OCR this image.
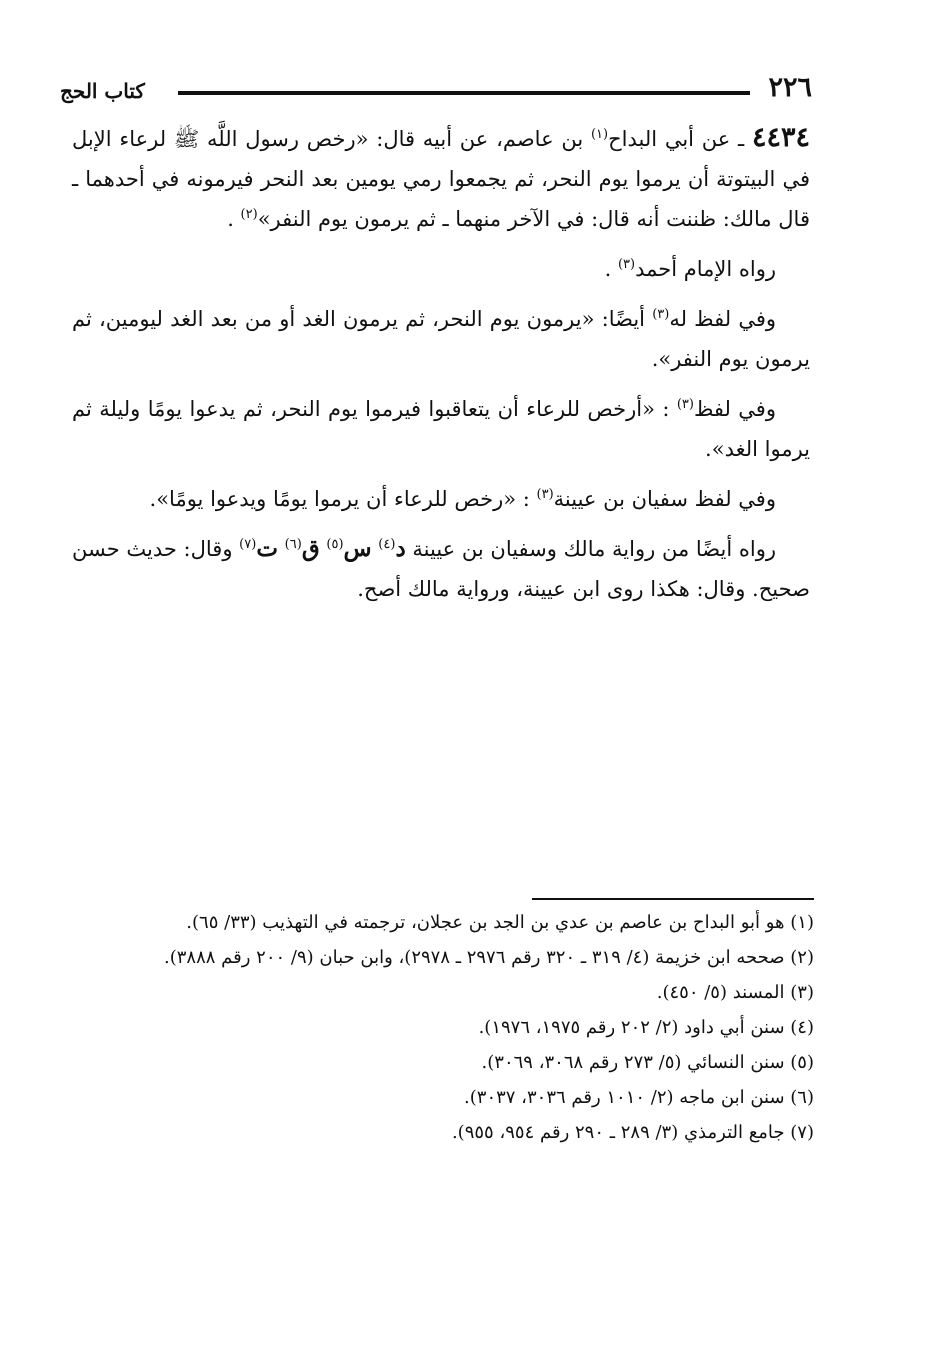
٢٢٦
كتاب الحج

٤٤٣٤ ـ عن أبي البداح$^{(١)}$ بن عاصم، عن أبيه قال: «رخص رسول اللَّه ﷺ لرعاء الإبل في البيتوتة أن يرموا يوم النحر، ثم يجمعوا رمي يومين بعد النحر فيرمونه في أحدهما ـ قال مالك: ظننت أنه قال: في الآخر منهما ـ ثم يرمون يوم النفر»$^{(٢)}$ .

رواه الإمام أحمد$^{(٣)}$ .

وفي لفظ له$^{(٣)}$ أيضًا: «يرمون يوم النحر، ثم يرمون الغد أو من بعد الغد ليومين، ثم يرمون يوم النفر».

وفي لفظ$^{(٣)}$ : «أرخص للرعاء أن يتعاقبوا فيرموا يوم النحر، ثم يدعوا يومًا وليلة ثم يرموا الغد».

وفي لفظ سفيان بن عيينة$^{(٣)}$ : «رخص للرعاء أن يرموا يومًا ويدعوا يومًا».

رواه أيضًا من رواية مالك وسفيان بن عيينة د$^{(٤)}$ س$^{(٥)}$ ق$^{(٦)}$ ت$^{(٧)}$ وقال: حديث حسن صحيح. وقال: هكذا روى ابن عيينة، ورواية مالك أصح.

(١) هو أبو البداح بن عاصم بن عدي بن الجد بن عجلان، ترجمته في التهذيب (٣٣/ ٦٥).

(٢) صححه ابن خزيمة (٤/ ٣١٩ ـ ٣٢٠ رقم ٢٩٧٦ ـ ٢٩٧٨)، وابن حبان (٩/ ٢٠٠ رقم ٣٨٨٨).

(٣) المسند (٥/ ٤٥٠).

(٤) سنن أبي داود (٢/ ٢٠٢ رقم ١٩٧٥، ١٩٧٦).

(٥) سنن النسائي (٥/ ٢٧٣ رقم ٣٠٦٨، ٣٠٦٩).

(٦) سنن ابن ماجه (٢/ ١٠١٠ رقم ٣٠٣٦، ٣٠٣٧).

(٧) جامع الترمذي (٣/ ٢٨٩ ـ ٢٩٠ رقم ٩٥٤، ٩٥٥).
